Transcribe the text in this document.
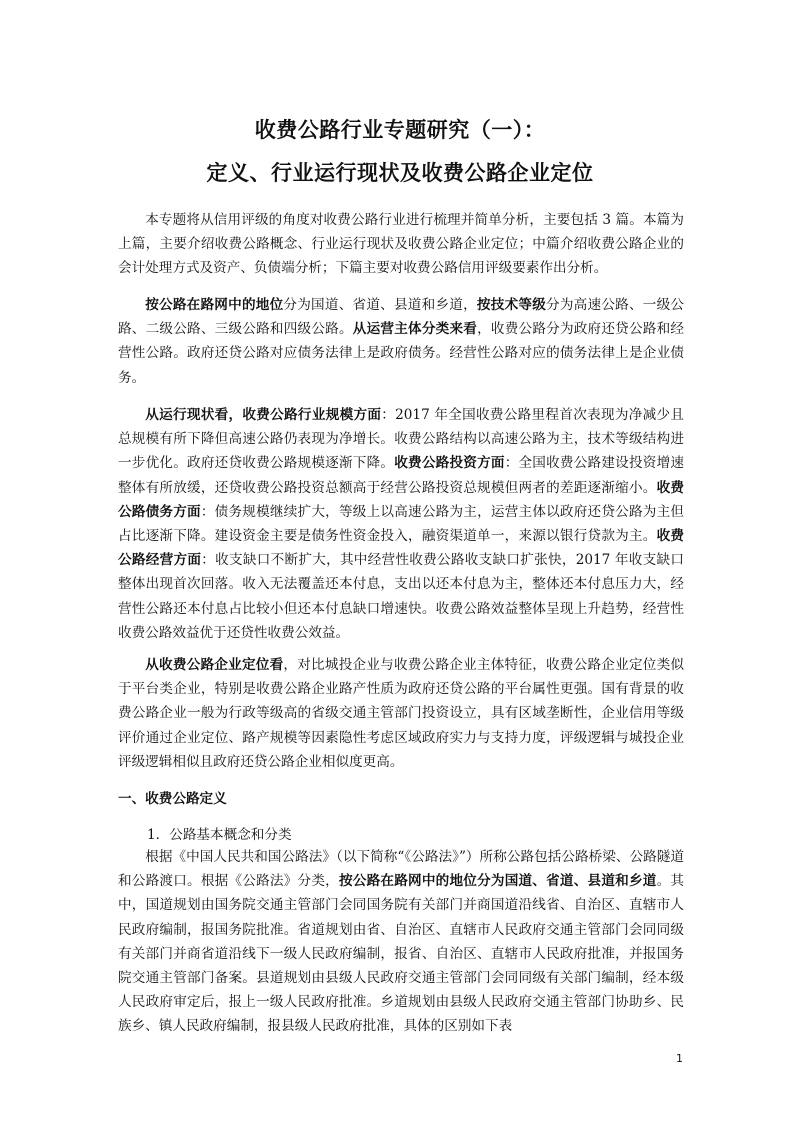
收费公路行业专题研究（一）：
定义、行业运行现状及收费公路企业定位

本专题将从信用评级的角度对收费公路行业进行梳理并简单分析，主要包括 3 篇。本篇为上篇，主要介绍收费公路概念、行业运行现状及收费公路企业定位；中篇介绍收费公路企业的会计处理方式及资产、负债端分析；下篇主要对收费公路信用评级要素作出分析。

按公路在路网中的地位分为国道、省道、县道和乡道，按技术等级分为高速公路、一级公路、二级公路、三级公路和四级公路。从运营主体分类来看，收费公路分为政府还贷公路和经营性公路。政府还贷公路对应债务法律上是政府债务。经营性公路对应的债务法律上是企业债务。

从运行现状看，收费公路行业规模方面：2017 年全国收费公路里程首次表现为净减少且总规模有所下降但高速公路仍表现为净增长。收费公路结构以高速公路为主，技术等级结构进一步优化。政府还贷收费公路规模逐渐下降。收费公路投资方面：全国收费公路建设投资增速整体有所放缓，还贷收费公路投资总额高于经营公路投资总规模但两者的差距逐渐缩小。收费公路债务方面：债务规模继续扩大，等级上以高速公路为主，运营主体以政府还贷公路为主但占比逐渐下降。建设资金主要是债务性资金投入，融资渠道单一，来源以银行贷款为主。收费公路经营方面：收支缺口不断扩大，其中经营性收费公路收支缺口扩张快，2017 年收支缺口整体出现首次回落。收入无法覆盖还本付息，支出以还本付息为主，整体还本付息压力大，经营性公路还本付息占比较小但还本付息缺口增速快。收费公路效益整体呈现上升趋势，经营性收费公路效益优于还贷性收费公效益。

从收费公路企业定位看，对比城投企业与收费公路企业主体特征，收费公路企业定位类似于平台类企业，特别是收费公路企业路产性质为政府还贷公路的平台属性更强。国有背景的收费公路企业一般为行政等级高的省级交通主管部门投资设立，具有区域垄断性，企业信用等级评价通过企业定位、路产规模等因素隐性考虑区域政府实力与支持力度，评级逻辑与城投企业评级逻辑相似且政府还贷公路企业相似度更高。

一、收费公路定义
1．公路基本概念和分类

根据《中国人民共和国公路法》（以下简称“《公路法》”）所称公路包括公路桥梁、公路隧道和公路渡口。根据《公路法》分类，按公路在路网中的地位分为国道、省道、县道和乡道。其中，国道规划由国务院交通主管部门会同国务院有关部门并商国道沿线省、自治区、直辖市人民政府编制，报国务院批准。省道规划由省、自治区、直辖市人民政府交通主管部门会同同级有关部门并商省道沿线下一级人民政府编制，报省、自治区、直辖市人民政府批准，并报国务院交通主管部门备案。县道规划由县级人民政府交通主管部门会同同级有关部门编制，经本级人民政府审定后，报上一级人民政府批准。乡道规划由县级人民政府交通主管部门协助乡、民族乡、镇人民政府编制，报县级人民政府批准，具体的区别如下表

1
